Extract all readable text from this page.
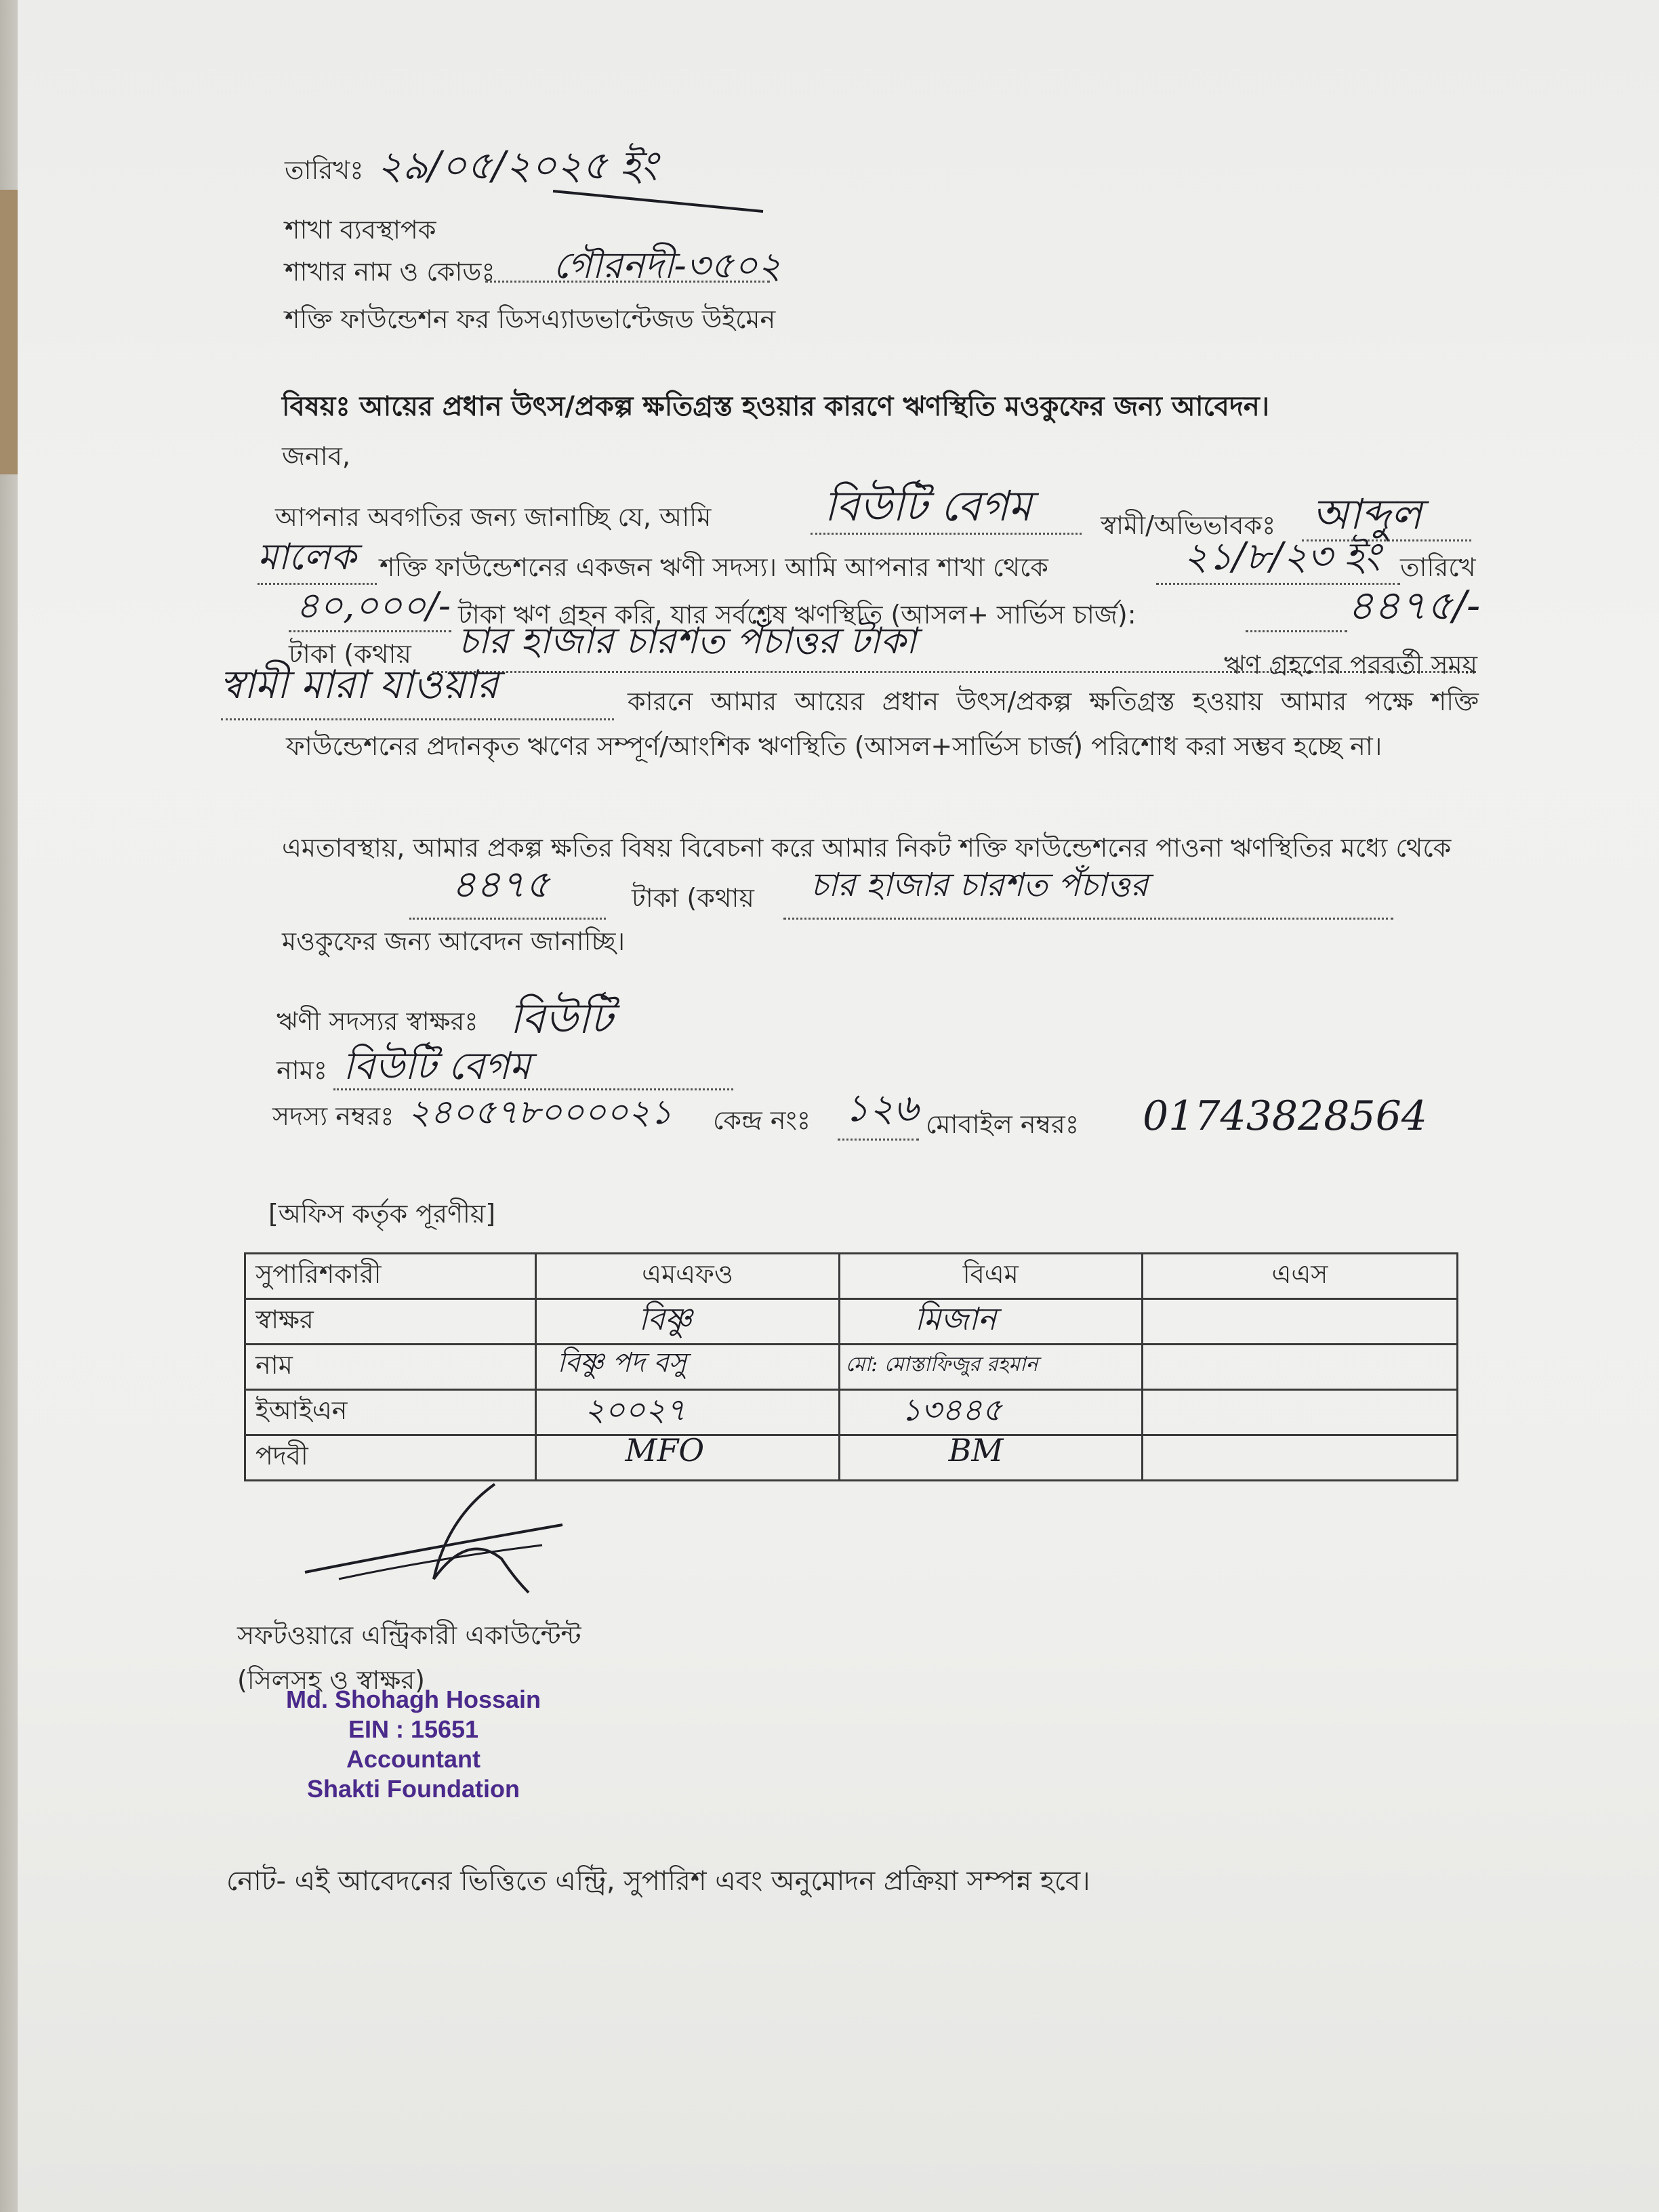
তারিখঃ ২৯/০৫/২০২৫ ইং
শাখা ব্যবস্থাপক
শাখার নাম ও কোডঃ গৌরনদী-৩৫০২
শক্তি ফাউন্ডেশন ফর ডিসএ্যাডভান্টেজড উইমেন
বিষয়ঃ আয়ের প্রধান উৎস/প্রকল্প ক্ষতিগ্রস্ত হওয়ার কারণে ঋণস্থিতি মওকুফের জন্য আবেদন।
জনাব,
আপনার অবগতির জন্য জানাচ্ছি যে, আমি	বিউটি বেগম	স্বামী/অভিভাবকঃ আব্দুল
মালেক শক্তি ফাউন্ডেশনের একজন ঋণী সদস্য। আমি আপনার শাখা থেকে	২১/৮/২৩ ইং তারিখে
৪০,০০০/- টাকা ঋণ গ্রহন করি, যার সর্বশেষ ঋণস্থিতি (আসল+ সার্ভিস চার্জ):	৪৪৭৫/-
টাকা (কথায় চার হাজার চারশত পঁচাত্তর টাকা
ঋণ গ্রহণের পরবর্তী সময়
স্বামী মারা যাওয়ার	কারনে আমার আয়ের প্রধান উৎস/প্রকল্প ক্ষতিগ্রস্ত হওয়ায় আমার পক্ষে শক্তি ফাউন্ডেশনের প্রদানকৃত ঋণের সম্পূর্ণ/আংশিক ঋণস্থিতি (আসল+সার্ভিস চার্জ) পরিশোধ করা সম্ভব হচ্ছে না।
এমতাবস্থায়, আমার প্রকল্প ক্ষতির বিষয় বিবেচনা করে আমার নিকট শক্তি ফাউন্ডেশনের পাওনা ঋণস্থিতির মধ্যে থেকে
৪৪৭৫	টাকা (কথায় চার হাজার চারশত পঁচাত্তর
মওকুফের জন্য আবেদন জানাচ্ছি।
ঋণী সদস্যর স্বাক্ষরঃ বিউটি
নামঃ বিউটি বেগম
সদস্য নম্বরঃ ২৪০৫৭৮০০০০২১ কেন্দ্র নংঃ ১২৬ মোবাইল নম্বরঃ 01743828564
[অফিস কর্তৃক পূরণীয়]
সুপারিশকারী	এমএফও	বিএম	এএস
স্বাক্ষর	বিষ্ণু	মিজান	

নাম	বিষ্ণু পদ বসু	মো: মোস্তাফিজুর রহমান	

ইআইএন	২০০২৭	১৩৪৪৫	

পদবী	MFO	BM	

সফটওয়ারে এন্ট্রিকারী একাউন্টেন্ট
(সিলসহ ও স্বাক্ষর)
Md. Shohagh Hossain
EIN : 15651
Accountant
Shakti Foundation
নোট- এই আবেদনের ভিত্তিতে এন্ট্রি, সুপারিশ এবং অনুমোদন প্রক্রিয়া সম্পন্ন হবে।
